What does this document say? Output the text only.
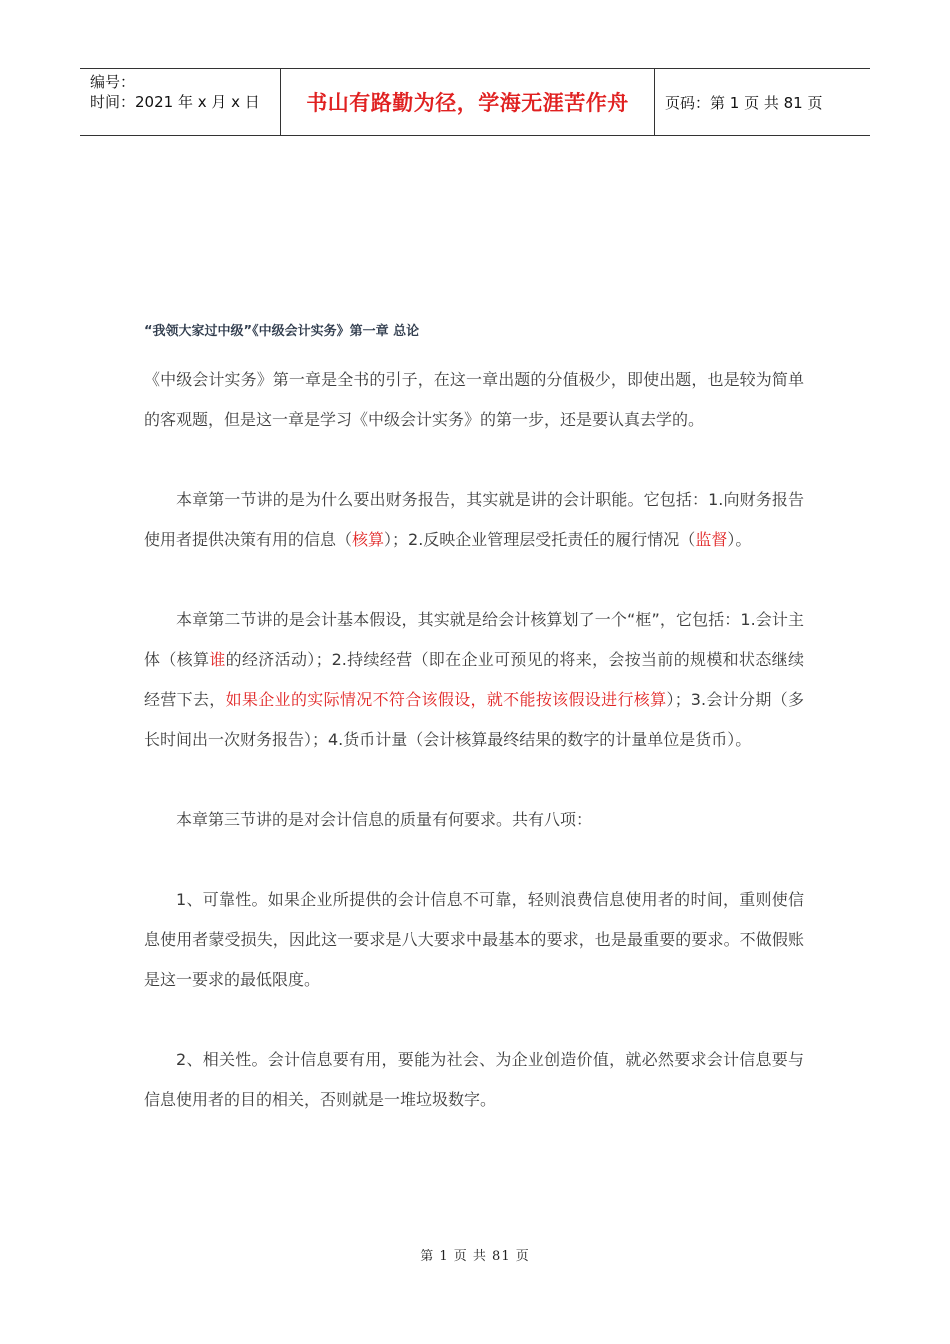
编号：
时间：2021 年 x 月 x 日	书山有路勤为径，学海无涯苦作舟	页码：第 1 页 共 81 页

“我领大家过中级”《中级会计实务》第一章 总论

《中级会计实务》第一章是全书的引子，在这一章出题的分值极少，即使出题，也是较为简单的客观题，但是这一章是学习《中级会计实务》的第一步，还是要认真去学的。

本章第一节讲的是为什么要出财务报告，其实就是讲的会计职能。它包括：1.向财务报告使用者提供决策有用的信息（核算）；2.反映企业管理层受托责任的履行情况（监督）。

本章第二节讲的是会计基本假设，其实就是给会计核算划了一个“框”，它包括：1.会计主体（核算谁的经济活动）；2.持续经营（即在企业可预见的将来，会按当前的规模和状态继续经营下去，如果企业的实际情况不符合该假设，就不能按该假设进行核算）；3.会计分期（多长时间出一次财务报告）；4.货币计量（会计核算最终结果的数字的计量单位是货币）。

本章第三节讲的是对会计信息的质量有何要求。共有八项：

1、可靠性。如果企业所提供的会计信息不可靠，轻则浪费信息使用者的时间，重则使信息使用者蒙受损失，因此这一要求是八大要求中最基本的要求，也是最重要的要求。不做假账是这一要求的最低限度。

2、相关性。会计信息要有用，要能为社会、为企业创造价值，就必然要求会计信息要与信息使用者的目的相关，否则就是一堆垃圾数字。

第 1 页 共 81 页
